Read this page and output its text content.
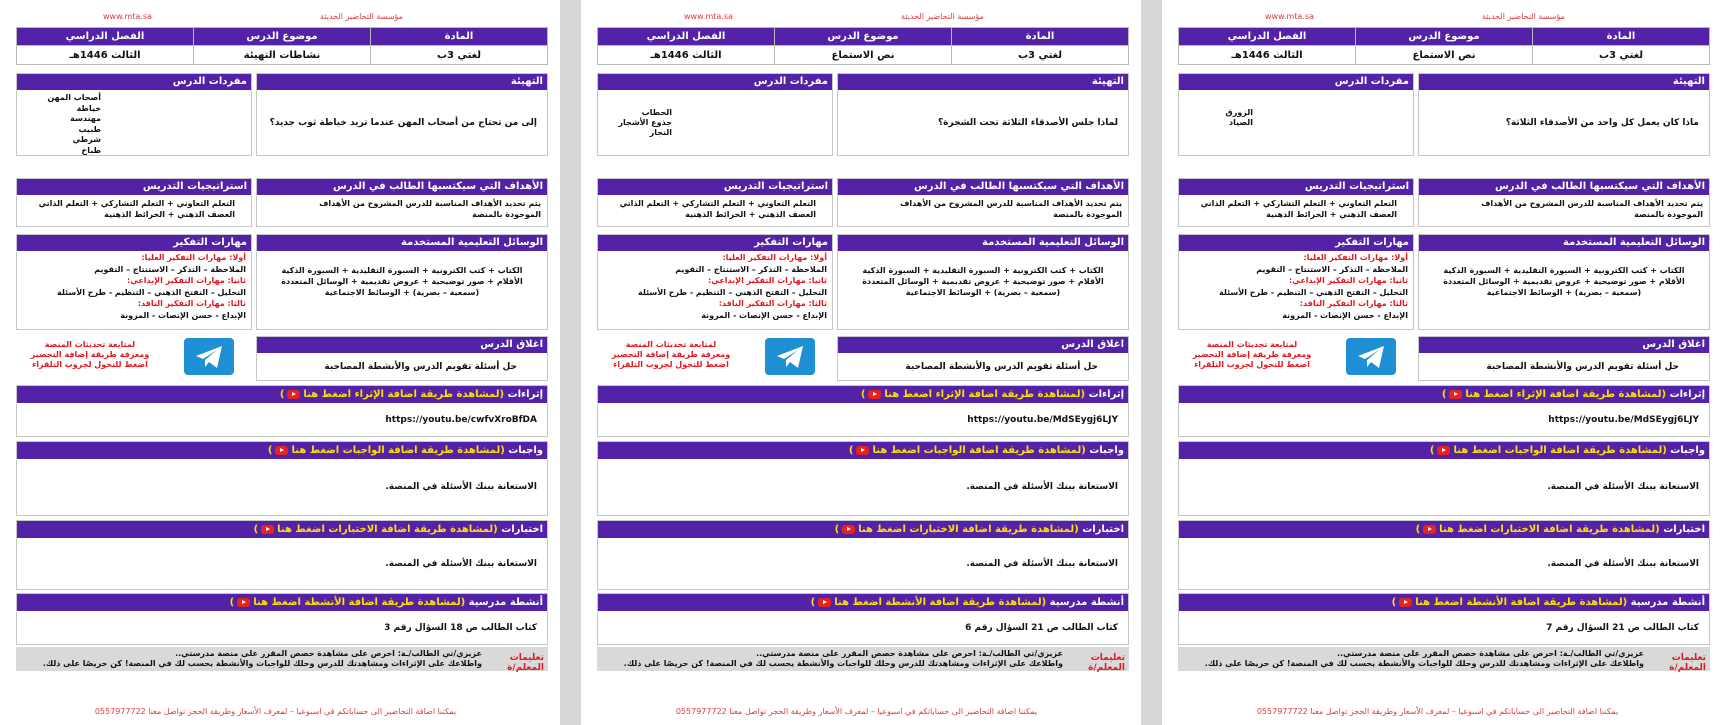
مؤسسة التحاضير الحديثة
www.mta.sa
المادة	موضوع الدرس	الفصل الدراسي
لغتي 3ب	نشاطات التهيئة	الثالث 1446هـ
التهيئة
إلى من تحتاج من أصحاب المهن عندما تريد خياطة ثوب جديد؟
مفردات الدرس
أصحاب المهن
خياطة
مهندسة
طبيب
شرطي
طباخ
الأهداف التي سيكتسبها الطالب في الدرس
يتم تحديد الأهداف المناسبة للدرس المشروح من الأهداف الموجودة بالمنصة
استراتيجيات التدريس
التعلم التعاوني + التعلم التشاركي + التعلم الذاتي
العصف الذهني + الخرائط الذهنية
الوسائل التعليمية المستخدمة
الكتاب + كتب الكترونية + السبورة التقليدية + السبورة الذكية
الأقلام + صور توضيحية + عروض تقديمية + الوسائل المتعددة
(سمعية – بصرية) + الوسائط الاجتماعية
مهارات التفكير
أولا: مهارات التفكير العليا:
الملاحظة – التذكر – الاستنتاج – التقويم
ثانيا: مهارات التفكير الإبداعي:
التحليل – التفتح الذهني – التنظيم - طرح الأسئلة
ثالثا: مهارات التفكير الناقد:
الإبداع - حسن الإنصات - المرونة
اغلاق الدرس
حل أسئلة تقويم الدرس والأنشطة المصاحبة
لمتابعة تحديثات المنصة
ومعرفة طريقة إضافة التحضير
اضغط للتحول لجروب التلقراء
إثراءات (لمشاهدة طريقة اضافة الإثراء اضغط هنا)
https://youtu.be/cwfvXroBfDA
واجبات (لمشاهدة طريقة اضافة الواجبات اضغط هنا)
الاستعانة ببنك الأسئلة في المنصة.
اختبارات (لمشاهدة طريقة اضافة الاختبارات اضغط هنا)
الاستعانة ببنك الأسئلة في المنصة.
أنشطة مدرسية (لمشاهدة طريقة اضافة الأنشطة اضغط هنا)
كتاب الطالب ص 18 السؤال رقم 3
تعليمات المعلم/ة
عزيزي/تي الطالب/ـة: احرص على مشاهدة حصص المقرر على منصة مدرستي..
واطلاعك على الإثراءات ومشاهدتك للدرس وحلك للواجبات والأنشطة يحسب لك في المنصة! كن حريصًا على ذلك.
يمكننا اضافة التحاضير الى حساباتكم في اسبوعيا – لمعرف الأسعار وطريقة الحجز تواصل معنا 0557977722
مؤسسة التحاضير الحديثة
www.mta.sa
المادة	موضوع الدرس	الفصل الدراسي
لغتي 3ب	نص الاستماع	الثالث 1446هـ
التهيئة
لماذا جلس الأصدقاء الثلاثة تحت الشجرة؟
مفردات الدرس
الحطاب
جذوع الأشجار
النجار
الأهداف التي سيكتسبها الطالب في الدرس
يتم تحديد الأهداف المناسبة للدرس المشروح من الأهداف الموجودة بالمنصة
استراتيجيات التدريس
التعلم التعاوني + التعلم التشاركي + التعلم الذاتي
العصف الذهني + الخرائط الذهنية
الوسائل التعليمية المستخدمة
الكتاب + كتب الكترونية + السبورة التقليدية + السبورة الذكية
الأقلام + صور توضيحية + عروض تقديمية + الوسائل المتعددة
(سمعية – بصرية) + الوسائط الاجتماعية
مهارات التفكير
أولا: مهارات التفكير العليا:
الملاحظة – التذكر – الاستنتاج – التقويم
ثانيا: مهارات التفكير الإبداعي:
التحليل – التفتح الذهني – التنظيم - طرح الأسئلة
ثالثا: مهارات التفكير الناقد:
الإبداع - حسن الإنصات - المرونة
اغلاق الدرس
حل أسئلة تقويم الدرس والأنشطة المصاحبة
لمتابعة تحديثات المنصة
ومعرفة طريقة إضافة التحضير
اضغط للتحول لجروب التلقراء
إثراءات (لمشاهدة طريقة اضافة الإثراء اضغط هنا)
https://youtu.be/MdSEygj6LJY
واجبات (لمشاهدة طريقة اضافة الواجبات اضغط هنا)
الاستعانة ببنك الأسئلة في المنصة.
اختبارات (لمشاهدة طريقة اضافة الاختبارات اضغط هنا)
الاستعانة ببنك الأسئلة في المنصة.
أنشطة مدرسية (لمشاهدة طريقة اضافة الأنشطة اضغط هنا)
كتاب الطالب ص 21 السؤال رقم 6
تعليمات المعلم/ة
عزيزي/تي الطالب/ـة: احرص على مشاهدة حصص المقرر على منصة مدرستي..
واطلاعك على الإثراءات ومشاهدتك للدرس وحلك للواجبات والأنشطة يحسب لك في المنصة! كن حريصًا على ذلك.
يمكننا اضافة التحاضير الى حساباتكم في اسبوعيا – لمعرف الأسعار وطريقة الحجز تواصل معنا 0557977722
مؤسسة التحاضير الحديثة
www.mta.sa
المادة	موضوع الدرس	الفصل الدراسي
لغتي 3ب	نص الاستماع	الثالث 1446هـ
التهيئة
ماذا كان يعمل كل واحد من الأصدقاء الثلاثة؟
مفردات الدرس
الزورق
الصياد
الأهداف التي سيكتسبها الطالب في الدرس
يتم تحديد الأهداف المناسبة للدرس المشروح من الأهداف الموجودة بالمنصة
استراتيجيات التدريس
التعلم التعاوني + التعلم التشاركي + التعلم الذاتي
العصف الذهني + الخرائط الذهنية
الوسائل التعليمية المستخدمة
الكتاب + كتب الكترونية + السبورة التقليدية + السبورة الذكية
الأقلام + صور توضيحية + عروض تقديمية + الوسائل المتعددة
(سمعية – بصرية) + الوسائط الاجتماعية
مهارات التفكير
أولا: مهارات التفكير العليا:
الملاحظة – التذكر – الاستنتاج – التقويم
ثانيا: مهارات التفكير الإبداعي:
التحليل – التفتح الذهني – التنظيم - طرح الأسئلة
ثالثا: مهارات التفكير الناقد:
الإبداع - حسن الإنصات - المرونة
اغلاق الدرس
حل أسئلة تقويم الدرس والأنشطة المصاحبة
لمتابعة تحديثات المنصة
ومعرفة طريقة إضافة التحضير
اضغط للتحول لجروب التلقراء
إثراءات (لمشاهدة طريقة اضافة الإثراء اضغط هنا)
https://youtu.be/MdSEygj6LJY
واجبات (لمشاهدة طريقة اضافة الواجبات اضغط هنا)
الاستعانة ببنك الأسئلة في المنصة.
اختبارات (لمشاهدة طريقة اضافة الاختبارات اضغط هنا)
الاستعانة ببنك الأسئلة في المنصة.
أنشطة مدرسية (لمشاهدة طريقة اضافة الأنشطة اضغط هنا)
كتاب الطالب ص 21 السؤال رقم 7
تعليمات المعلم/ة
عزيزي/تي الطالب/ـة: احرص على مشاهدة حصص المقرر على منصة مدرستي..
واطلاعك على الإثراءات ومشاهدتك للدرس وحلك للواجبات والأنشطة يحسب لك في المنصة! كن حريصًا على ذلك.
يمكننا اضافة التحاضير الى حساباتكم في اسبوعيا – لمعرف الأسعار وطريقة الحجز تواصل معنا 0557977722
